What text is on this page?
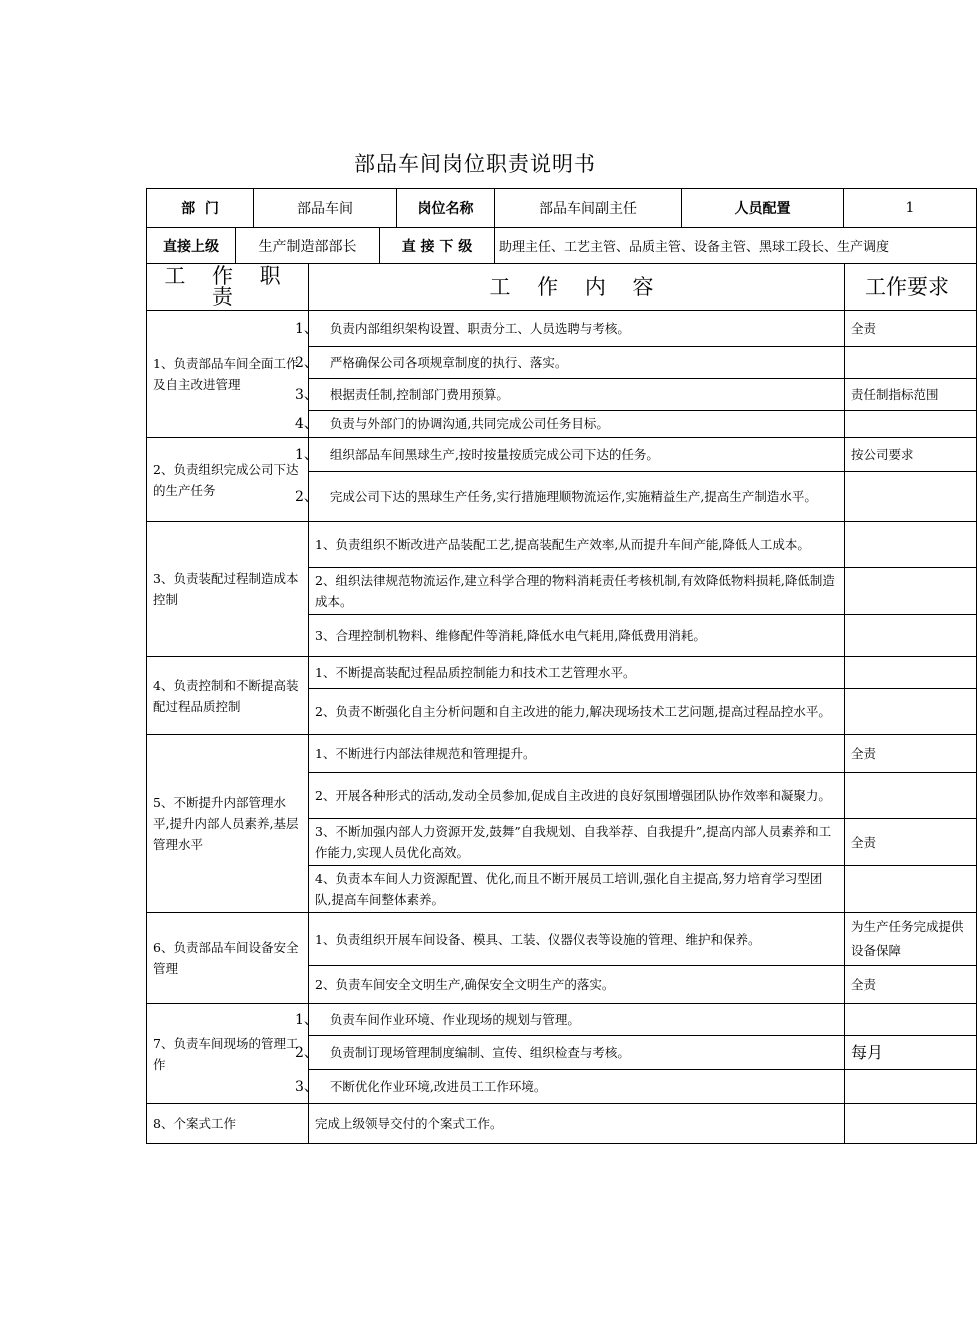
部品车间岗位职责说明书
部  门	部品车间	岗位名称	部品车间副主任	人员配置	1
直接上级	生产制造部部长	直 接 下 级	助理主任、工艺主管、品质主管、设备主管、黑球工段长、生产调度
工 作 职 责	工 作 内 容	工作要求
1、负责部品车间全面工作及自主改进管理	1、 负责内部组织架构设置、职责分工、人员选聘与考核。	全责
	2、 严格确保公司各项规章制度的执行、落实。	
	3、 根据责任制,控制部门费用预算。	责任制指标范围
	4、 负责与外部门的协调沟通,共同完成公司任务目标。	
2、负责组织完成公司下达的生产任务	1、 组织部品车间黑球生产,按时按量按质完成公司下达的任务。	按公司要求
	2、 完成公司下达的黑球生产任务,实行措施理顺物流运作,实施精益生产,提高生产制造水平。	
3、负责装配过程制造成本控制	1、负责组织不断改进产品装配工艺,提高装配生产效率,从而提升车间产能,降低人工成本。	
	2、组织法律规范物流运作,建立科学合理的物料消耗责任考核机制,有效降低物料损耗,降低制造成本。	
	3、合理控制机物料、维修配件等消耗,降低水电气耗用,降低费用消耗。	
4、负责控制和不断提高装配过程品质控制	1、不断提高装配过程品质控制能力和技术工艺管理水平。	
	2、负责不断强化自主分析问题和自主改进的能力,解决现场技术工艺问题,提高过程品控水平。	
5、不断提升内部管理水平,提升内部人员素养,基层管理水平	1、不断进行内部法律规范和管理提升。	全责
	2、开展各种形式的活动,发动全员参加,促成自主改进的良好氛围增强团队协作效率和凝聚力。	
	3、不断加强内部人力资源开发,鼓舞”自我规划、自我举荐、自我提升”,提高内部人员素养和工作能力,实现人员优化高效。	全责
	4、负责本车间人力资源配置、优化,而且不断开展员工培训,强化自主提高,努力培育学习型团队,提高车间整体素养。	
6、负责部品车间设备安全管理	1、负责组织开展车间设备、模具、工装、仪器仪表等设施的管理、维护和保养。	为生产任务完成提供设备保障
	2、负责车间安全文明生产,确保安全文明生产的落实。	全责
7、负责车间现场的管理工作	1、 负责车间作业环境、作业现场的规划与管理。	
	2、 负责制订现场管理制度编制、宣传、组织检查与考核。	每月
	3、 不断优化作业环境,改进员工工作环境。	
8、个案式工作	完成上级领导交付的个案式工作。	
